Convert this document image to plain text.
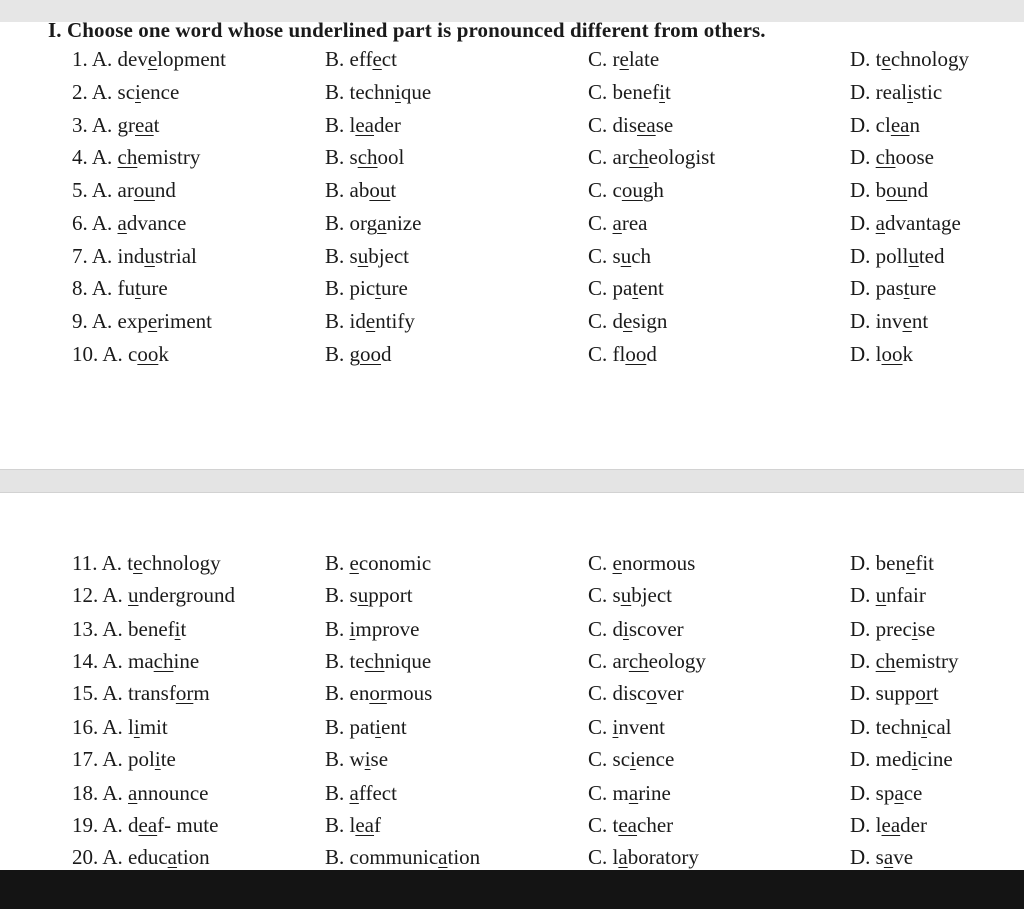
I. Choose one word whose underlined part is pronounced different from others.
1. A. development	B. effect	C. relate	D. technology
2. A. science	B. technique	C. benefit	D. realistic
3. A. great	B. leader	C. disease	D. clean
4. A. chemistry	B. school	C. archeologist	D. choose
5. A. around	B. about	C. cough	D. bound
6. A. advance	B. organize	C. area	D. advantage
7. A. industrial	B. subject	C. such	D. polluted
8. A. future	B. picture	C. patent	D. pasture
9. A. experiment	B. identify	C. design	D. invent
10. A. cook	B. good	C. flood	D. look
11. A. technology	B. economic	C. enormous	D. benefit
12. A. underground	B. support	C. subject	D. unfair
13. A. benefit	B. improve	C. discover	D. precise
14. A. machine	B. technique	C. archeology	D. chemistry
15. A. transform	B. enormous	C. discover	D. support
16. A. limit	B. patient	C. invent	D. technical
17. A. polite	B. wise	C. science	D. medicine
18. A. announce	B. affect	C. marine	D. space
19. A. deaf- mute	B. leaf	C. teacher	D. leader
20. A. education	B. communication	C. laboratory	D. save
